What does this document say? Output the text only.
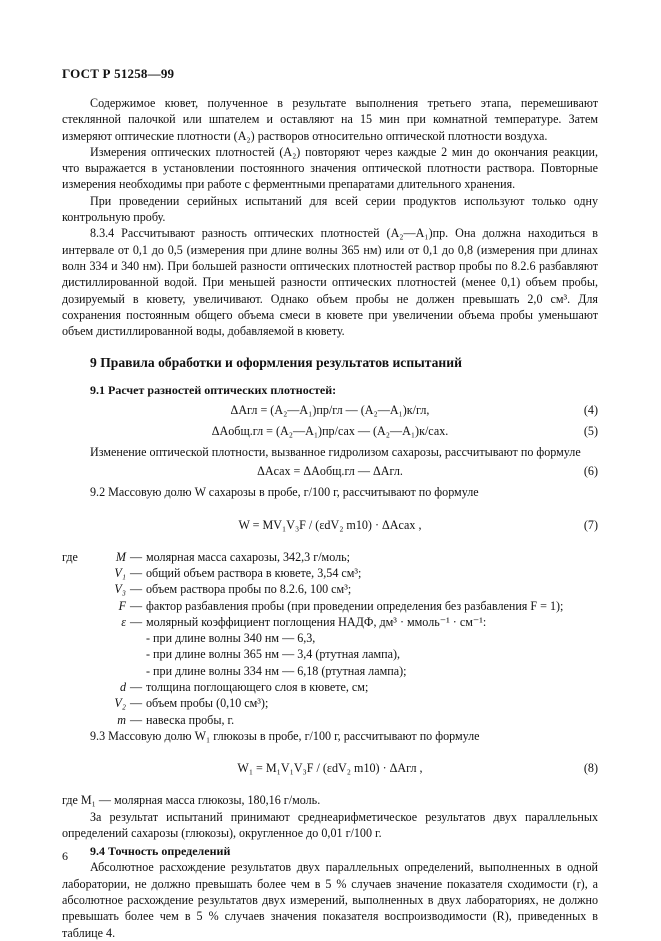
ГОСТ Р 51258—99

Содержимое кювет, полученное в результате выполнения третьего этапа, перемешивают стеклянной палочкой или шпателем и оставляют на 15 мин при комнатной температуре. Затем измеряют оптические плотности (A₂) растворов относительно оптической плотности воздуха.

Измерения оптических плотностей (A₂) повторяют через каждые 2 мин до окончания реакции, что выражается в установлении постоянного значения оптической плотности раствора. Повторные измерения необходимы при работе с ферментными препаратами длительного хранения.

При проведении серийных испытаний для всей серии продуктов используют только одну контрольную пробу.

8.3.4 Рассчитывают разность оптических плотностей (A₂—A₁)пр. Она должна находиться в интервале от 0,1 до 0,5 (измерения при длине волны 365 нм) или от 0,1 до 0,8 (измерения при длинах волн 334 и 340 нм). При большей разности оптических плотностей раствор пробы по 8.2.6 разбавляют дистиллированной водой. При меньшей разности оптических плотностей (менее 0,1) объем пробы, дозируемый в кювету, увеличивают. Однако объем пробы не должен превышать 2,0 см³. Для сохранения постоянным общего объема смеси в кювете при увеличении объема пробы уменьшают объем дистиллированной воды, добавляемой в кювету.

9 Правила обработки и оформления результатов испытаний
9.1 Расчет разностей оптических плотностей:
ΔAгл = (A₂—A₁)пр/гл — (A₂—A₁)к/гл,	(4)
ΔAобщ.гл = (A₂—A₁)пр/сах — (A₂—A₁)к/сах.	(5)

Изменение оптической плотности, вызванное гидролизом сахарозы, рассчитывают по формуле

ΔAсах = ΔAобщ.гл — ΔAгл.	(6)

9.2 Массовую долю W сахарозы в пробе, г/100 г, рассчитывают по формуле

W = MV₁V₃F / (εdV₂ m10) · ΔAсах ,	(7)
где	M — молярная масса сахарозы, 342,3 г/моль;
V₁ — общий объем раствора в кювете, 3,54 см³;
V₃ — объем раствора пробы по 8.2.6, 100 см³;
F — фактор разбавления пробы (при проведении определения без разбавления F = 1);
ε — молярный коэффициент поглощения НАДФ, дм³ · ммоль⁻¹ · см⁻¹:
- при длине волны 340 нм — 6,3,
- при длине волны 365 нм — 3,4 (ртутная лампа),
- при длине волны 334 нм — 6,18 (ртутная лампа);
d — толщина поглощающего слоя в кювете, см;
V₂ — объем пробы (0,10 см³);
m — навеска пробы, г.

9.3 Массовую долю W₁ глюкозы в пробе, г/100 г, рассчитывают по формуле

W₁ = M₁V₁V₃F / (εdV₂ m10) · ΔAгл ,	(8)

где M₁ — молярная масса глюкозы, 180,16 г/моль.

За результат испытаний принимают среднеарифметическое результатов двух параллельных определений сахарозы (глюкозы), округленное до 0,01 г/100 г.

9.4 Точность определений

Абсолютное расхождение результатов двух параллельных определений, выполненных в одной лаборатории, не должно превышать более чем в 5 % случаев значение показателя сходимости (r), а абсолютное расхождение результатов двух измерений, выполненных в двух лабораториях, не должно превышать более чем в 5 % случаев значения показателя воспроизводимости (R), приведенных в таблице 4.

6
